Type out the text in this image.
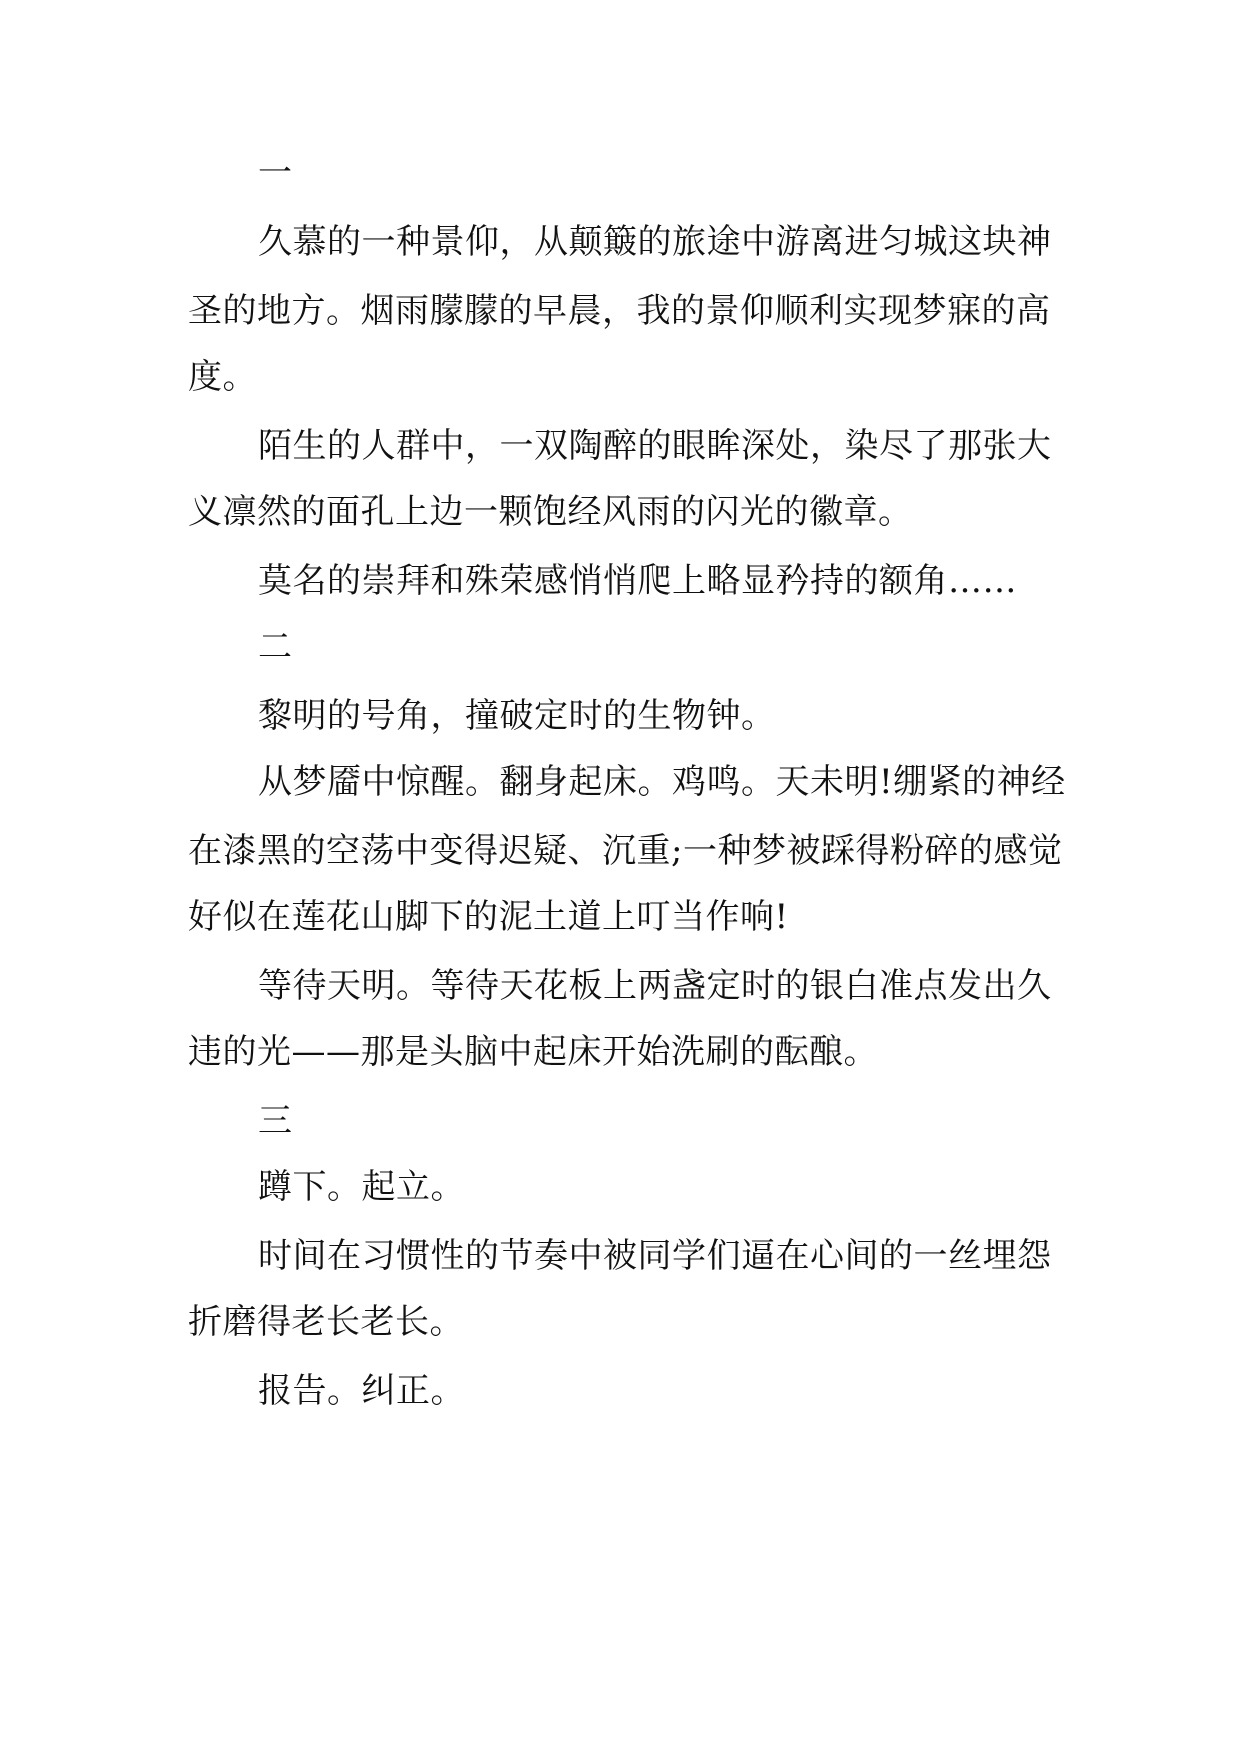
一

久慕的一种景仰，从颠簸的旅途中游离进匀城这块神

圣的地方。烟雨朦朦的早晨，我的景仰顺利实现梦寐的高

度。

陌生的人群中，一双陶醉的眼眸深处，染尽了那张大

义凛然的面孔上边一颗饱经风雨的闪光的徽章。

莫名的崇拜和殊荣感悄悄爬上略显矜持的额角……

二

黎明的号角，撞破定时的生物钟。

从梦靥中惊醒。翻身起床。鸡鸣。天未明!绷紧的神经

在漆黑的空荡中变得迟疑、沉重;一种梦被踩得粉碎的感觉

好似在莲花山脚下的泥土道上叮当作响!

等待天明。等待天花板上两盏定时的银白准点发出久

违的光——那是头脑中起床开始洗刷的酝酿。

三

蹲下。起立。

时间在习惯性的节奏中被同学们逼在心间的一丝埋怨

折磨得老长老长。

报告。纠正。
